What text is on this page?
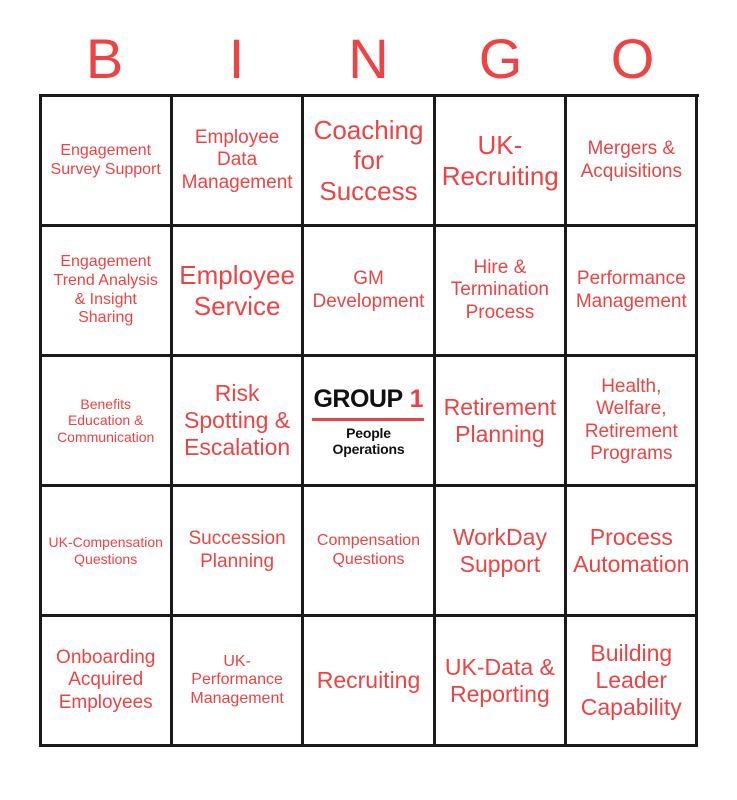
B	I	N	G	O
Engagement Survey Support
Employee Data Management
Coaching for Success
UK-Recruiting
Mergers & Acquisitions
Engagement Trend Analysis & Insight Sharing
Employee Service
GM Development
Hire & Termination Process
Performance Management
Benefits Education & Communication
Risk Spotting & Escalation
GROUP 1
People Operations
Retirement Planning
Health, Welfare, Retirement Programs
UK-Compensation Questions
Succession Planning
Compensation Questions
WorkDay Support
Process Automation
Onboarding Acquired Employees
UK-Performance Management
Recruiting
UK-Data & Reporting
Building Leader Capability
